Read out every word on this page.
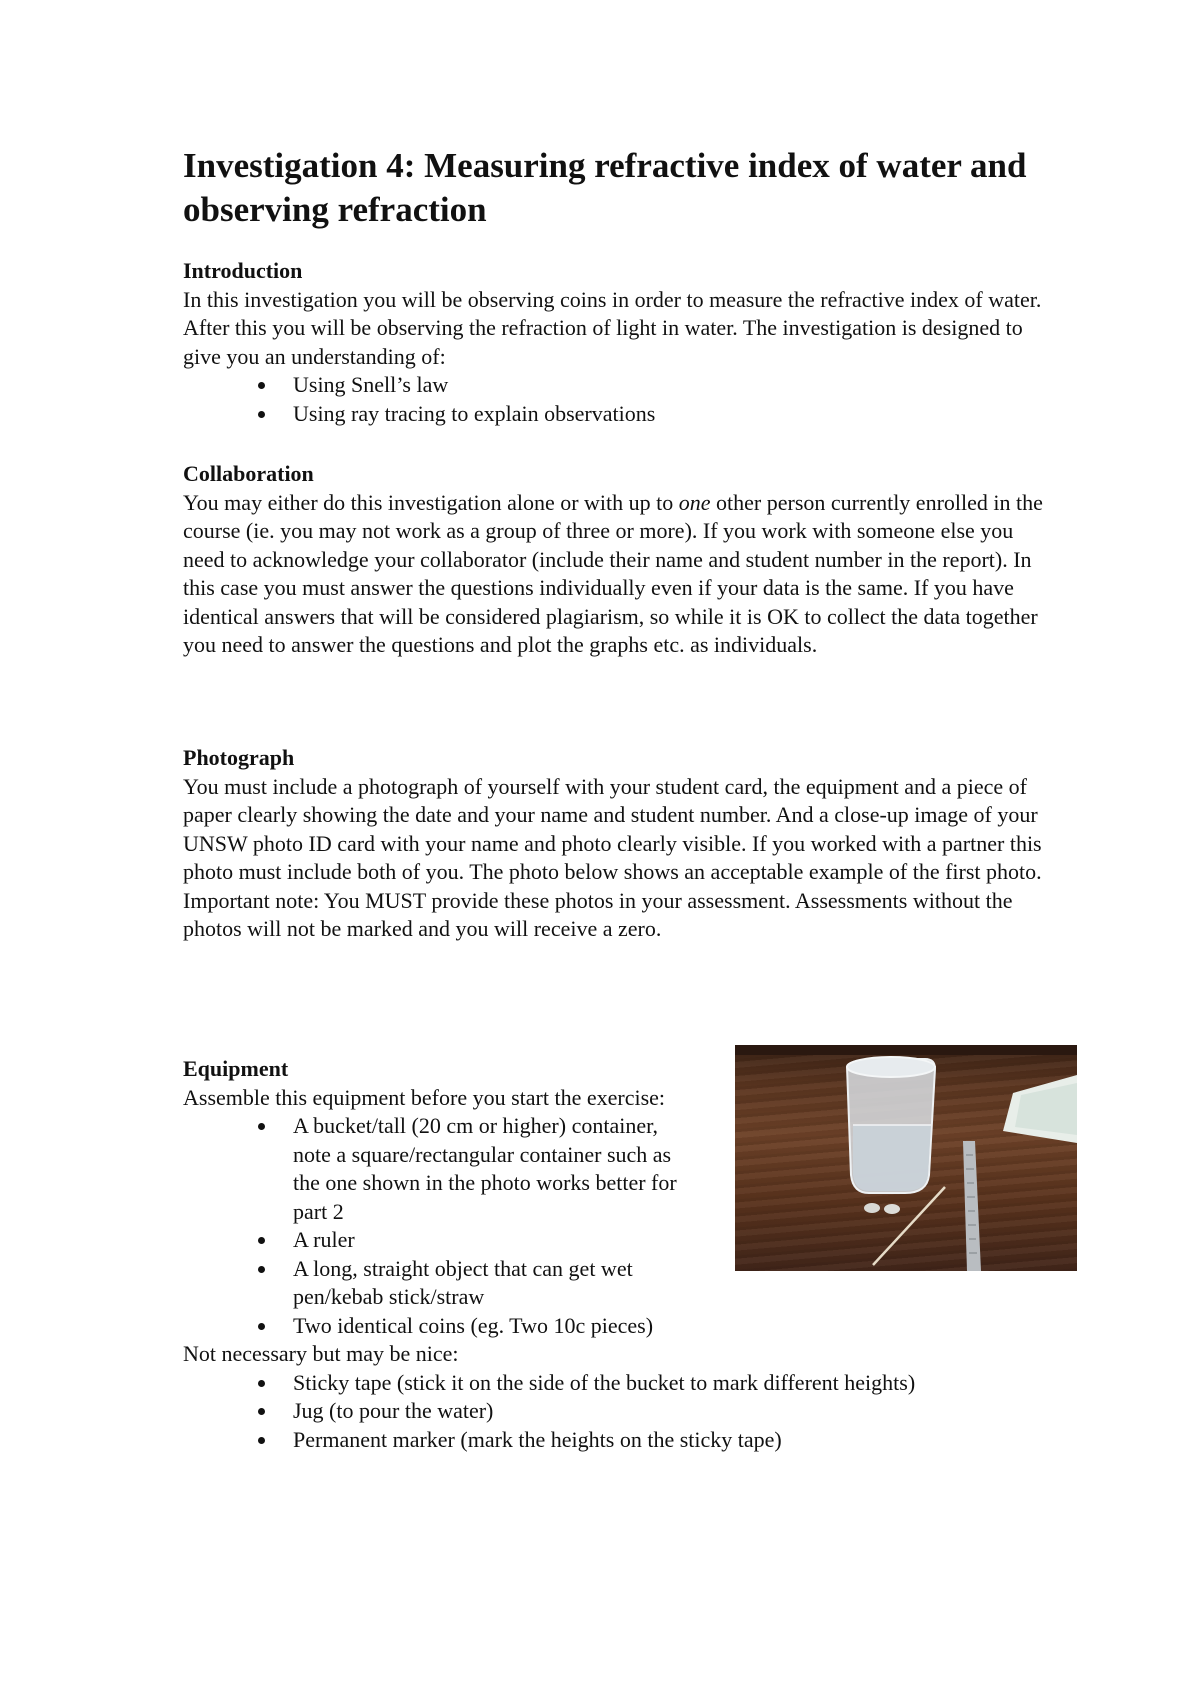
Investigation 4: Measuring refractive index of water and observing refraction
Introduction

In this investigation you will be observing coins in order to measure the refractive index of water. After this you will be observing the refraction of light in water. The investigation is designed to give you an understanding of:

Using Snell’s law
Using ray tracing to explain observations
Collaboration

You may either do this investigation alone or with up to one other person currently enrolled in the course (ie. you may not work as a group of three or more). If you work with someone else you need to acknowledge your collaborator (include their name and student number in the report). In this case you must answer the questions individually even if your data is the same. If you have identical answers that will be considered plagiarism, so while it is OK to collect the data together you need to answer the questions and plot the graphs etc. as individuals.

Photograph

You must include a photograph of yourself with your student card, the equipment and a piece of paper clearly showing the date and your name and student number. And a close-up image of your UNSW photo ID card with your name and photo clearly visible. If you worked with a partner this photo must include both of you. The photo below shows an acceptable example of the first photo. Important note: You MUST provide these photos in your assessment. Assessments without the photos will not be marked and you will receive a zero.

Equipment

Assemble this equipment before you start the exercise:

A bucket/tall (20 cm or higher) container, note a square/rectangular container such as the one shown in the photo works better for part 2
A ruler
A long, straight object that can get wet pen/kebab stick/straw
Two identical coins (eg. Two 10c pieces)

Not necessary but may be nice:

Sticky tape (stick it on the side of the bucket to mark different heights)
Jug (to pour the water)
Permanent marker (mark the heights on the sticky tape)
